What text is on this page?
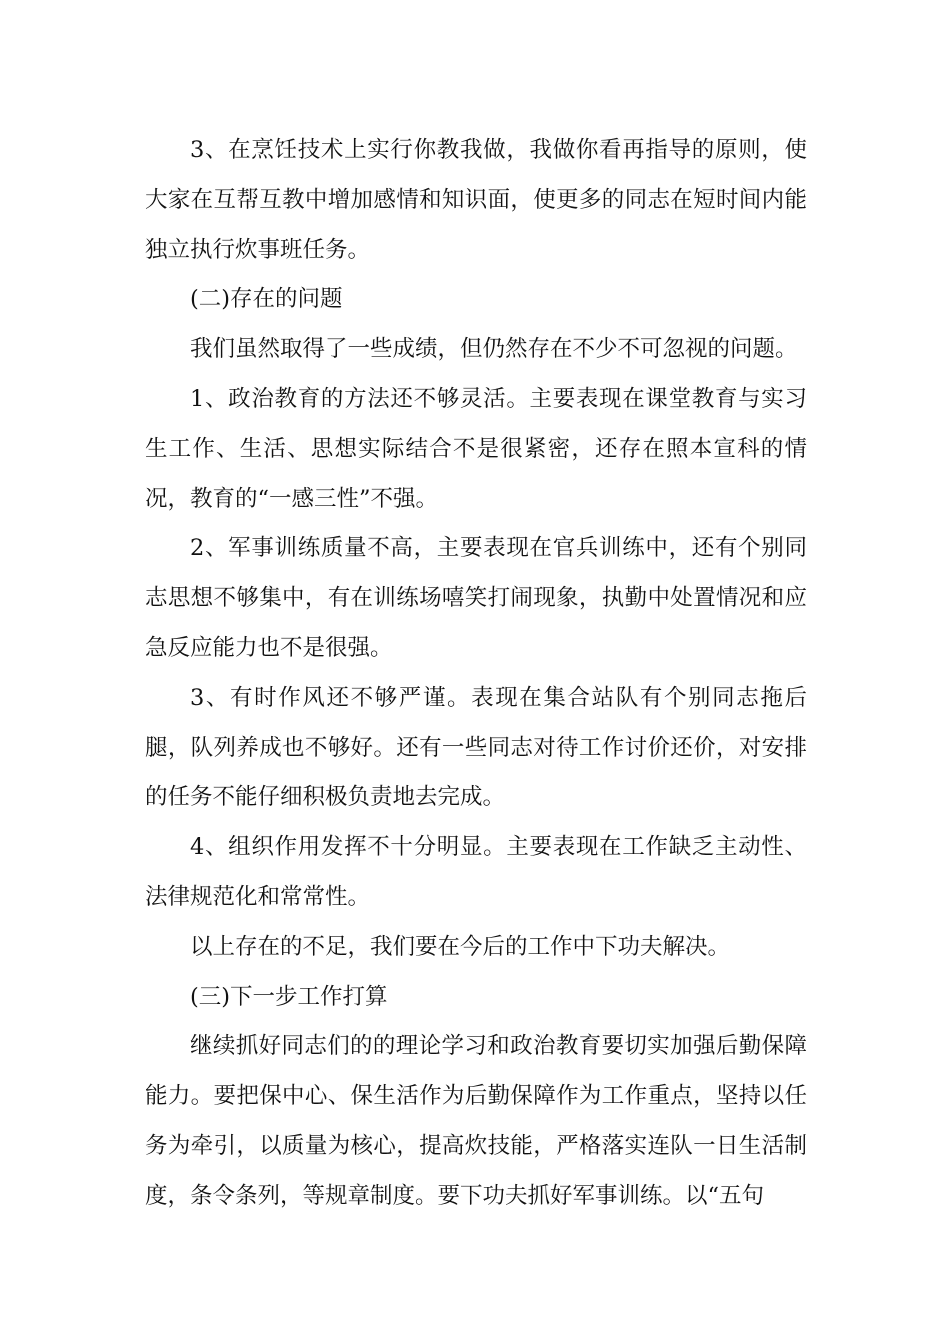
3、在烹饪技术上实行你教我做，我做你看再指导的原则，使大家在互帮互教中增加感情和知识面，使更多的同志在短时间内能独立执行炊事班任务。

(二)存在的问题

我们虽然取得了一些成绩，但仍然存在不少不可忽视的问题。

1、政治教育的方法还不够灵活。主要表现在课堂教育与实习生工作、生活、思想实际结合不是很紧密，还存在照本宣科的情况，教育的“一感三性”不强。

2、军事训练质量不高，主要表现在官兵训练中，还有个别同志思想不够集中，有在训练场嘻笑打闹现象，执勤中处置情况和应急反应能力也不是很强。

3、有时作风还不够严谨。表现在集合站队有个别同志拖后腿，队列养成也不够好。还有一些同志对待工作讨价还价，对安排的任务不能仔细积极负责地去完成。

4、组织作用发挥不十分明显。主要表现在工作缺乏主动性、法律规范化和常常性。

以上存在的不足，我们要在今后的工作中下功夫解决。

(三)下一步工作打算

继续抓好同志们的的理论学习和政治教育要切实加强后勤保障能力。要把保中心、保生活作为后勤保障作为工作重点，坚持以任务为牵引，以质量为核心，提高炊技能，严格落实连队一日生活制度，条令条列，等规章制度。要下功夫抓好军事训练。以“五句
